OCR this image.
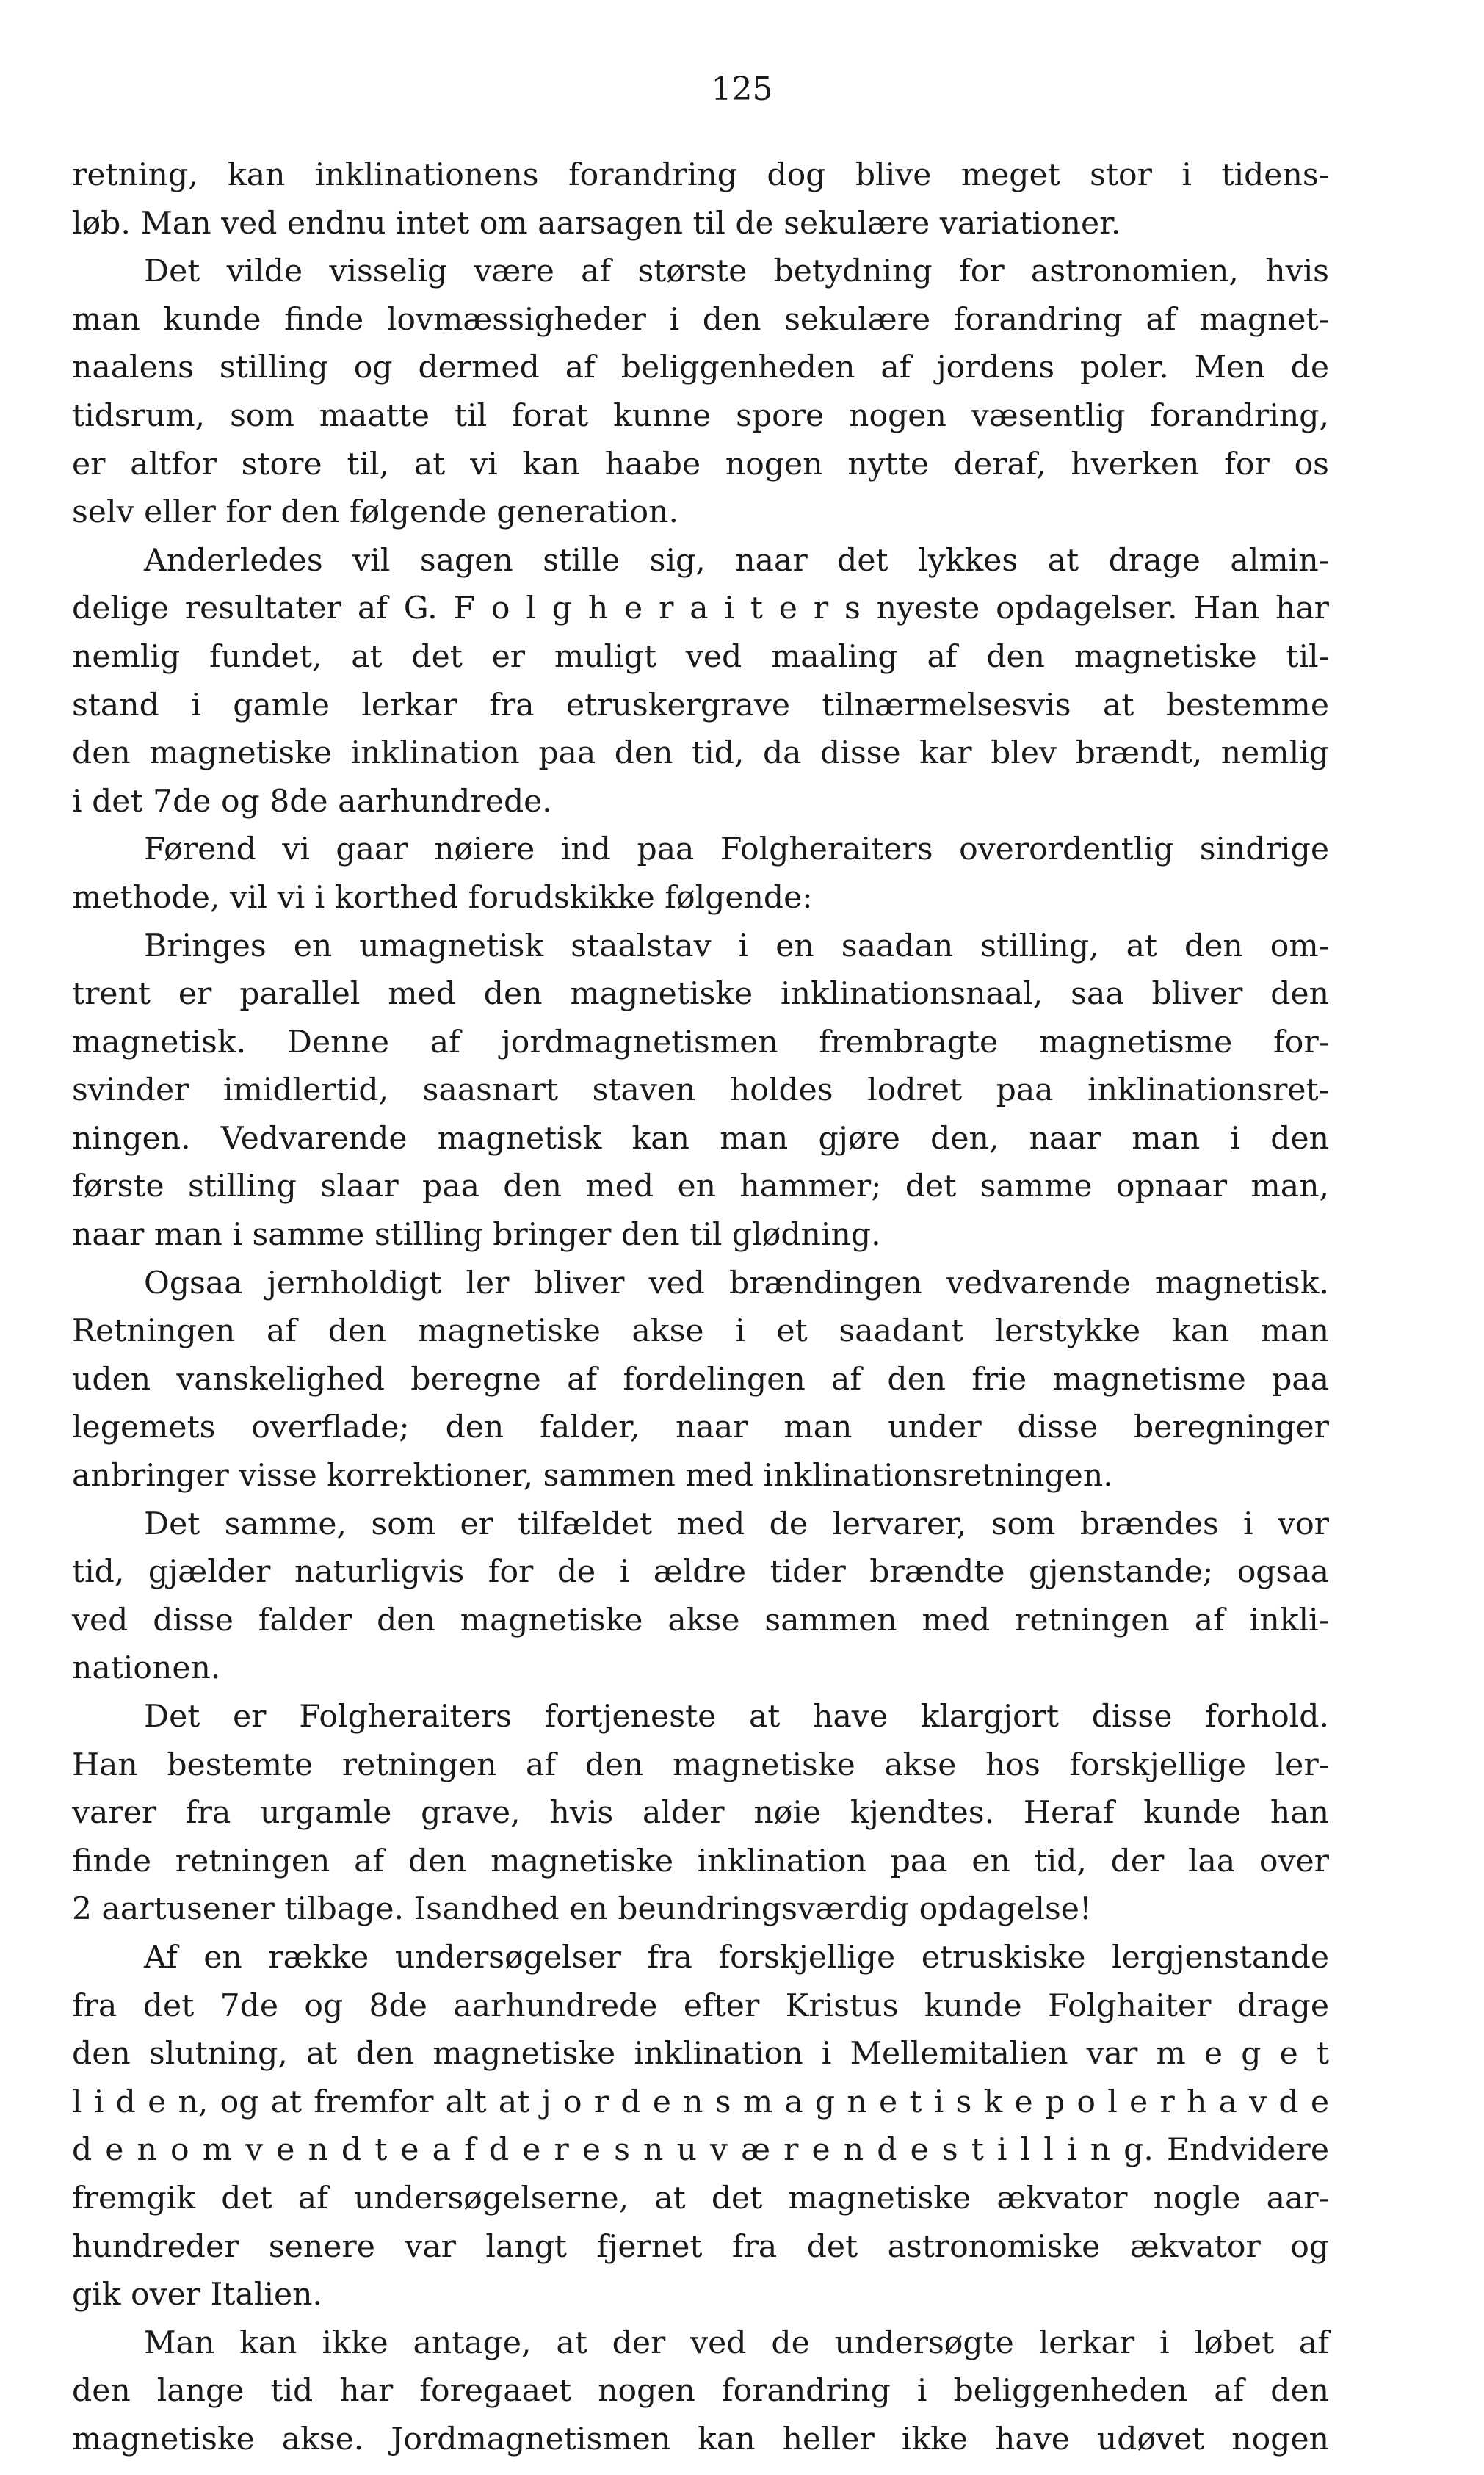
125
retning, kan inklinationens forandring dog blive meget stor i tidens-
løb. Man ved endnu intet om aarsagen til de sekulære variationer.
Det vilde visselig være af største betydning for astronomien, hvis
man kunde finde lovmæssigheder i den sekulære forandring af magnet-
naalens stilling og dermed af beliggenheden af jordens poler. Men de
tidsrum, som maatte til forat kunne spore nogen væsentlig forandring,
er altfor store til, at vi kan haabe nogen nytte deraf, hverken for os
selv eller for den følgende generation.
Anderledes vil sagen stille sig, naar det lykkes at drage almin-
delige resultater af G. F o l g h e r a i t e r s nyeste opdagelser. Han har
nemlig fundet, at det er muligt ved maaling af den magnetiske til-
stand i gamle lerkar fra etruskergrave tilnærmelsesvis at bestemme
den magnetiske inklination paa den tid, da disse kar blev brændt, nemlig
i det 7de og 8de aarhundrede.
Førend vi gaar nøiere ind paa Folgheraiters overordentlig sindrige
methode, vil vi i korthed forudskikke følgende:
Bringes en umagnetisk staalstav i en saadan stilling, at den om-
trent er parallel med den magnetiske inklinationsnaal, saa bliver den
magnetisk. Denne af jordmagnetismen frembragte magnetisme for-
svinder imidlertid, saasnart staven holdes lodret paa inklinationsret-
ningen. Vedvarende magnetisk kan man gjøre den, naar man i den
første stilling slaar paa den med en hammer; det samme opnaar man,
naar man i samme stilling bringer den til glødning.
Ogsaa jernholdigt ler bliver ved brændingen vedvarende magnetisk.
Retningen af den magnetiske akse i et saadant lerstykke kan man
uden vanskelighed beregne af fordelingen af den frie magnetisme paa
legemets overflade; den falder, naar man under disse beregninger
anbringer visse korrektioner, sammen med inklinationsretningen.
Det samme, som er tilfældet med de lervarer, som brændes i vor
tid, gjælder naturligvis for de i ældre tider brændte gjenstande; ogsaa
ved disse falder den magnetiske akse sammen med retningen af inkli-
nationen.
Det er Folgheraiters fortjeneste at have klargjort disse forhold.
Han bestemte retningen af den magnetiske akse hos forskjellige ler-
varer fra urgamle grave, hvis alder nøie kjendtes. Heraf kunde han
finde retningen af den magnetiske inklination paa en tid, der laa over
2 aartusener tilbage. Isandhed en beundringsværdig opdagelse!
Af en række undersøgelser fra forskjellige etruskiske lergjenstande
fra det 7de og 8de aarhundrede efter Kristus kunde Folghaiter drage
den slutning, at den magnetiske inklination i Mellemitalien var m e g e t
l i d e n, og at fremfor alt at j o r d e n s m a g n e t i s k e p o l e r h a v d e
d e n o m v e n d t e a f d e r e s n u v æ r e n d e s t i l l i n g. Endvidere
fremgik det af undersøgelserne, at det magnetiske ækvator nogle aar-
hundreder senere var langt fjernet fra det astronomiske ækvator og
gik over Italien.
Man kan ikke antage, at der ved de undersøgte lerkar i løbet af
den lange tid har foregaaet nogen forandring i beliggenheden af den
magnetiske akse. Jordmagnetismen kan heller ikke have udøvet nogen
